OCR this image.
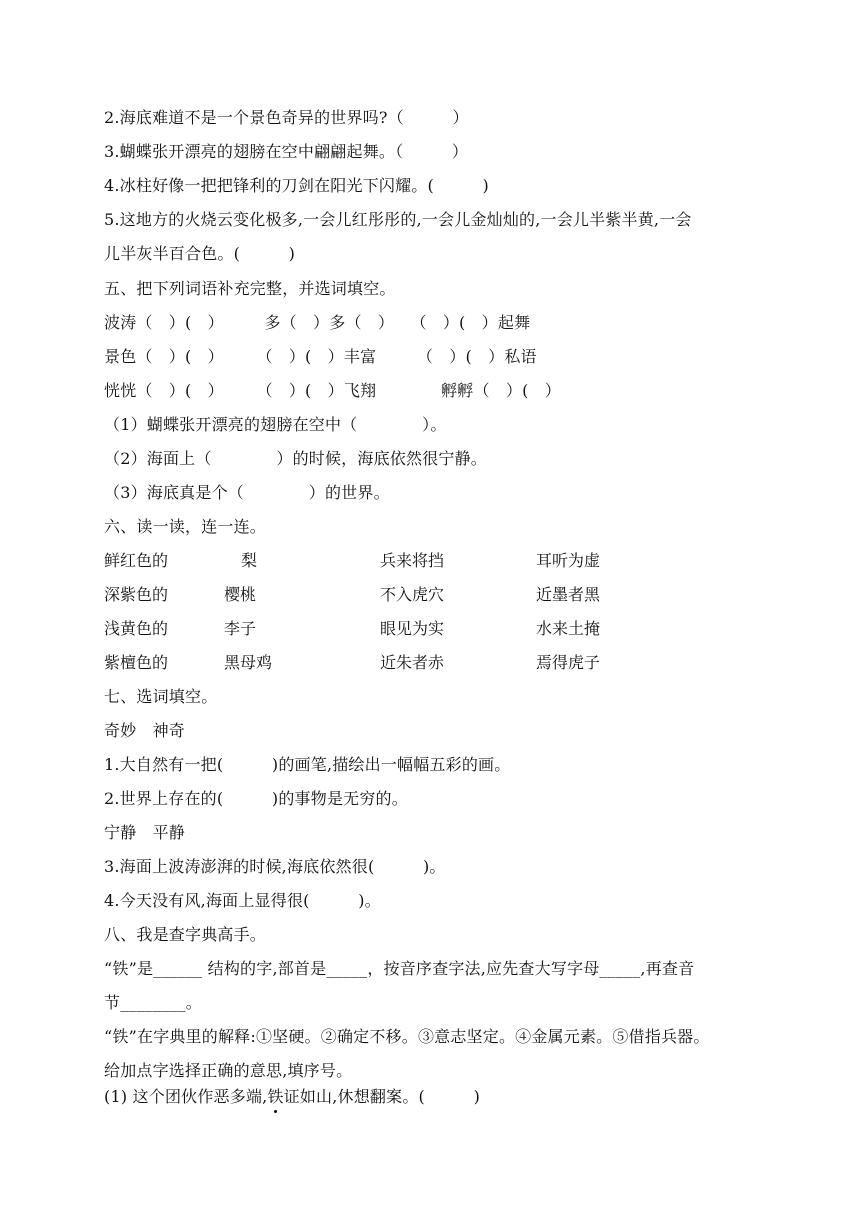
2.海底难道不是一个景色奇异的世界吗?（　　　）
3.蝴蝶张开漂亮的翅膀在空中翩翩起舞。（　　　）
4.冰柱好像一把把锋利的刀剑在阳光下闪耀。(　　　)
5.这地方的火烧云变化极多,一会儿红彤彤的,一会儿金灿灿的,一会儿半紫半黄,一会
儿半灰半百合色。(　　　)
五、把下列词语补充完整，并选词填空。
波涛（　）(　）　　　多（　）多（　）　　（　）(　）起舞
景色（　）(　）　　　（　）(　）丰富　　　（　）(　）私语
恍恍（　）(　）　　　（　）(　）飞翔　　　　孵孵（　）(　）
（1）蝴蝶张开漂亮的翅膀在空中（　　　　）。
（2）海面上（　　　　）的时候，海底依然很宁静。
（3）海底真是个（　　　　）的世界。
六、读一读，连一连。
鲜红色的	梨	兵来将挡	耳听为虚
深紫色的	樱桃	不入虎穴	近墨者黑
浅黄色的	李子	眼见为实	水来土掩
紫檀色的	黑母鸡	近朱者赤	焉得虎子
七、选词填空。
奇妙　神奇
1.大自然有一把(　　　)的画笔,描绘出一幅幅五彩的画。
2.世界上存在的(　　　)的事物是无穷的。
宁静　平静
3.海面上波涛澎湃的时候,海底依然很(　　　)。
4.今天没有风,海面上显得很(　　　)。
八、我是查字典高手。
“铁”是______ 结构的字,部首是_____，按音序查字法,应先查大写字母_____,再查音
节________。
“铁”在字典里的解释:①坚硬。②确定不移。③意志坚定。④金属元素。⑤借指兵器。
给加点字选择正确的意思,填序号。
(1) 这个团伙作恶多端,铁证如山,休想翻案。(　　　)
